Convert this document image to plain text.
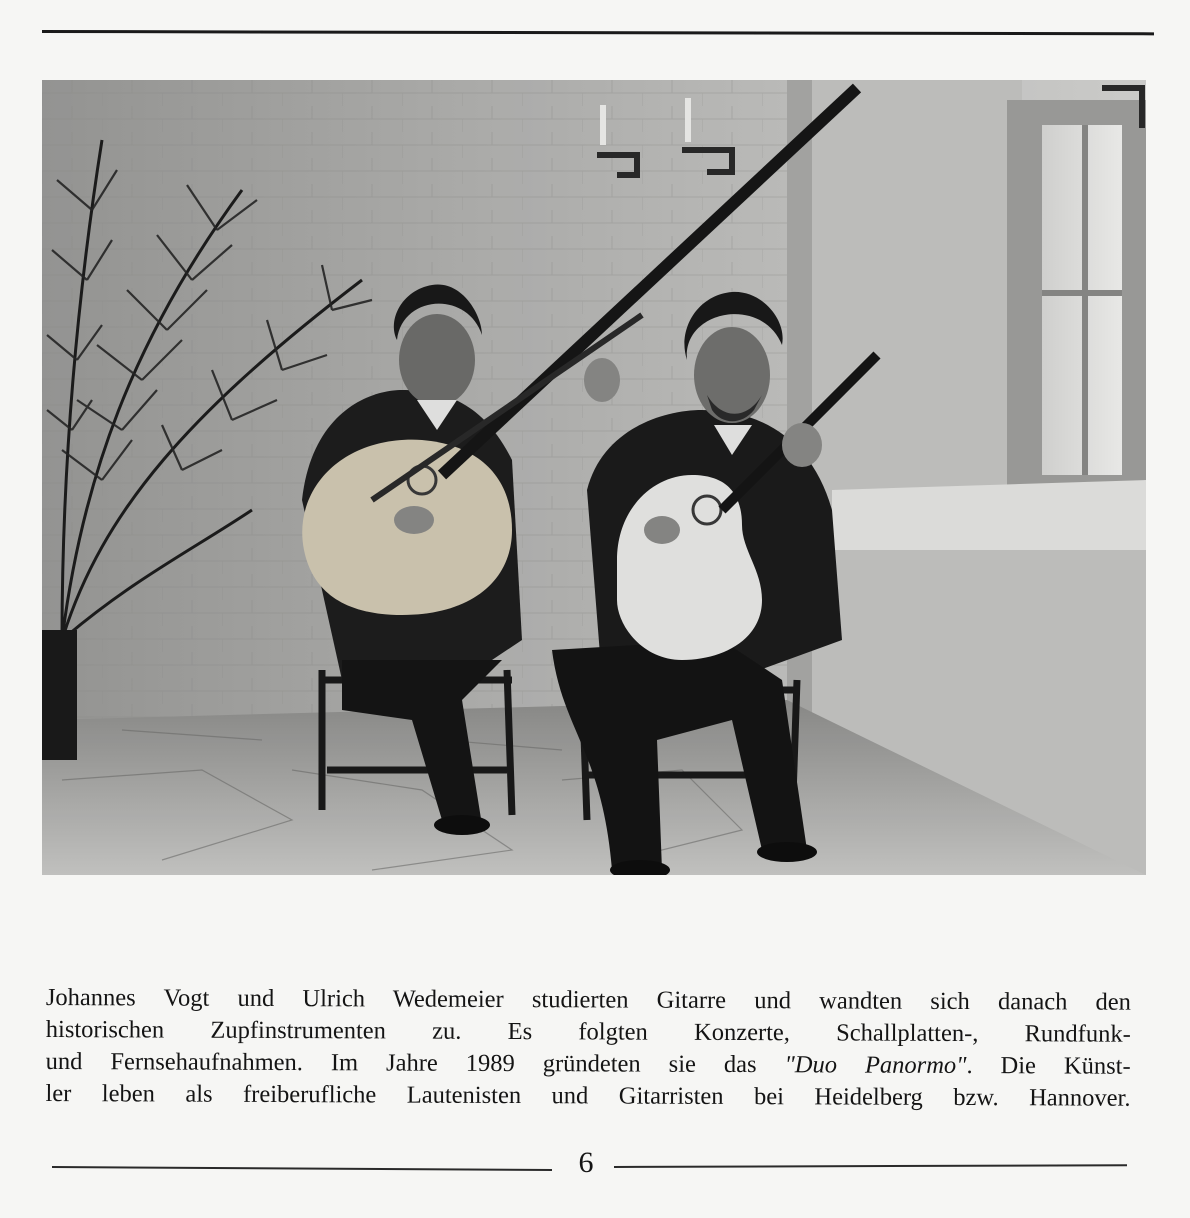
Johannes Vogt und Ulrich Wedemeier studierten Gitarre und wandten sich danach den
historischen Zupfinstrumenten zu. Es folgten Konzerte, Schallplatten-, Rundfunk-
und Fernsehaufnahmen. Im Jahre 1989 gründeten sie das "Duo Panormo". Die Künst-
ler leben als freiberufliche Lautenisten und Gitarristen bei Heidelberg bzw. Hannover.
6
